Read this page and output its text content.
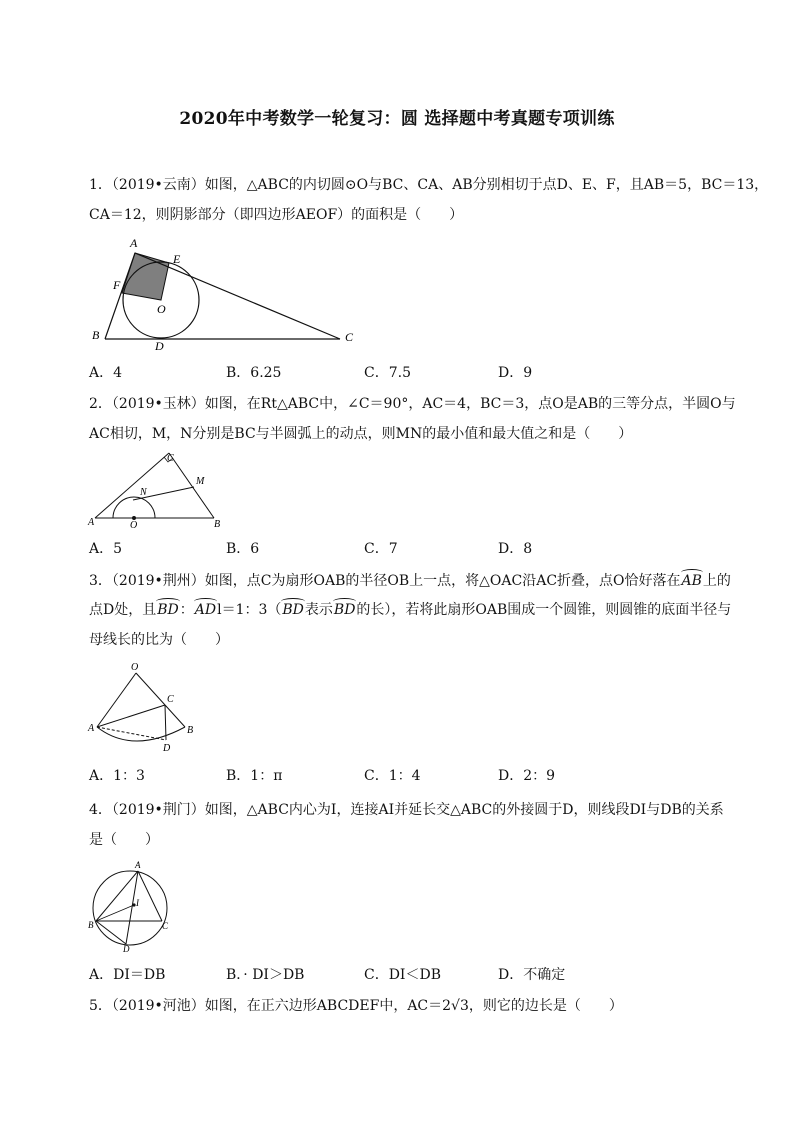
2020年中考数学一轮复习：圆 选择题中考真题专项训练
1．（2019•云南）如图，△ABC的内切圆⊙O与BC、CA、AB分别相切于点D、E、F，且AB＝5，BC＝13，
CA＝12，则阴影部分（即四边形AEOF）的面积是（　　）
A
E
F
O
B
D
C
A．4	B．6.25	C．7.5	D．9
2．（2019•玉林）如图，在Rt△ABC中，∠C＝90°，AC＝4，BC＝3，点O是AB的三等分点，半圆O与
AC相切，M，N分别是BC与半圆弧上的动点，则MN的最小值和最大值之和是（　　）
C
M
N
A	O	B
A．5	B．6	C．7	D．8
3．（2019•荆州）如图，点C为扇形OAB的半径OB上一点，将△OAC沿AC折叠，点O恰好落在AB上的
点D处，且BD：ADl＝1：3（BD表示BD的长），若将此扇形OAB围成一个圆锥，则圆锥的底面半径与
母线长的比为（　　）
O
C
A	B
D
A．1：3	B．1：π	C．1：4	D．2：9
4．（2019•荆门）如图，△ABC内心为I，连接AI并延长交△ABC的外接圆于D，则线段DI与DB的关系
是（　　）
A
I
B	C
D
A．DI＝DB	B．· DI＞DB	C．DI＜DB	D．不确定
5．（2019•河池）如图，在正六边形ABCDEF中，AC＝2√3，则它的边长是（　　）
